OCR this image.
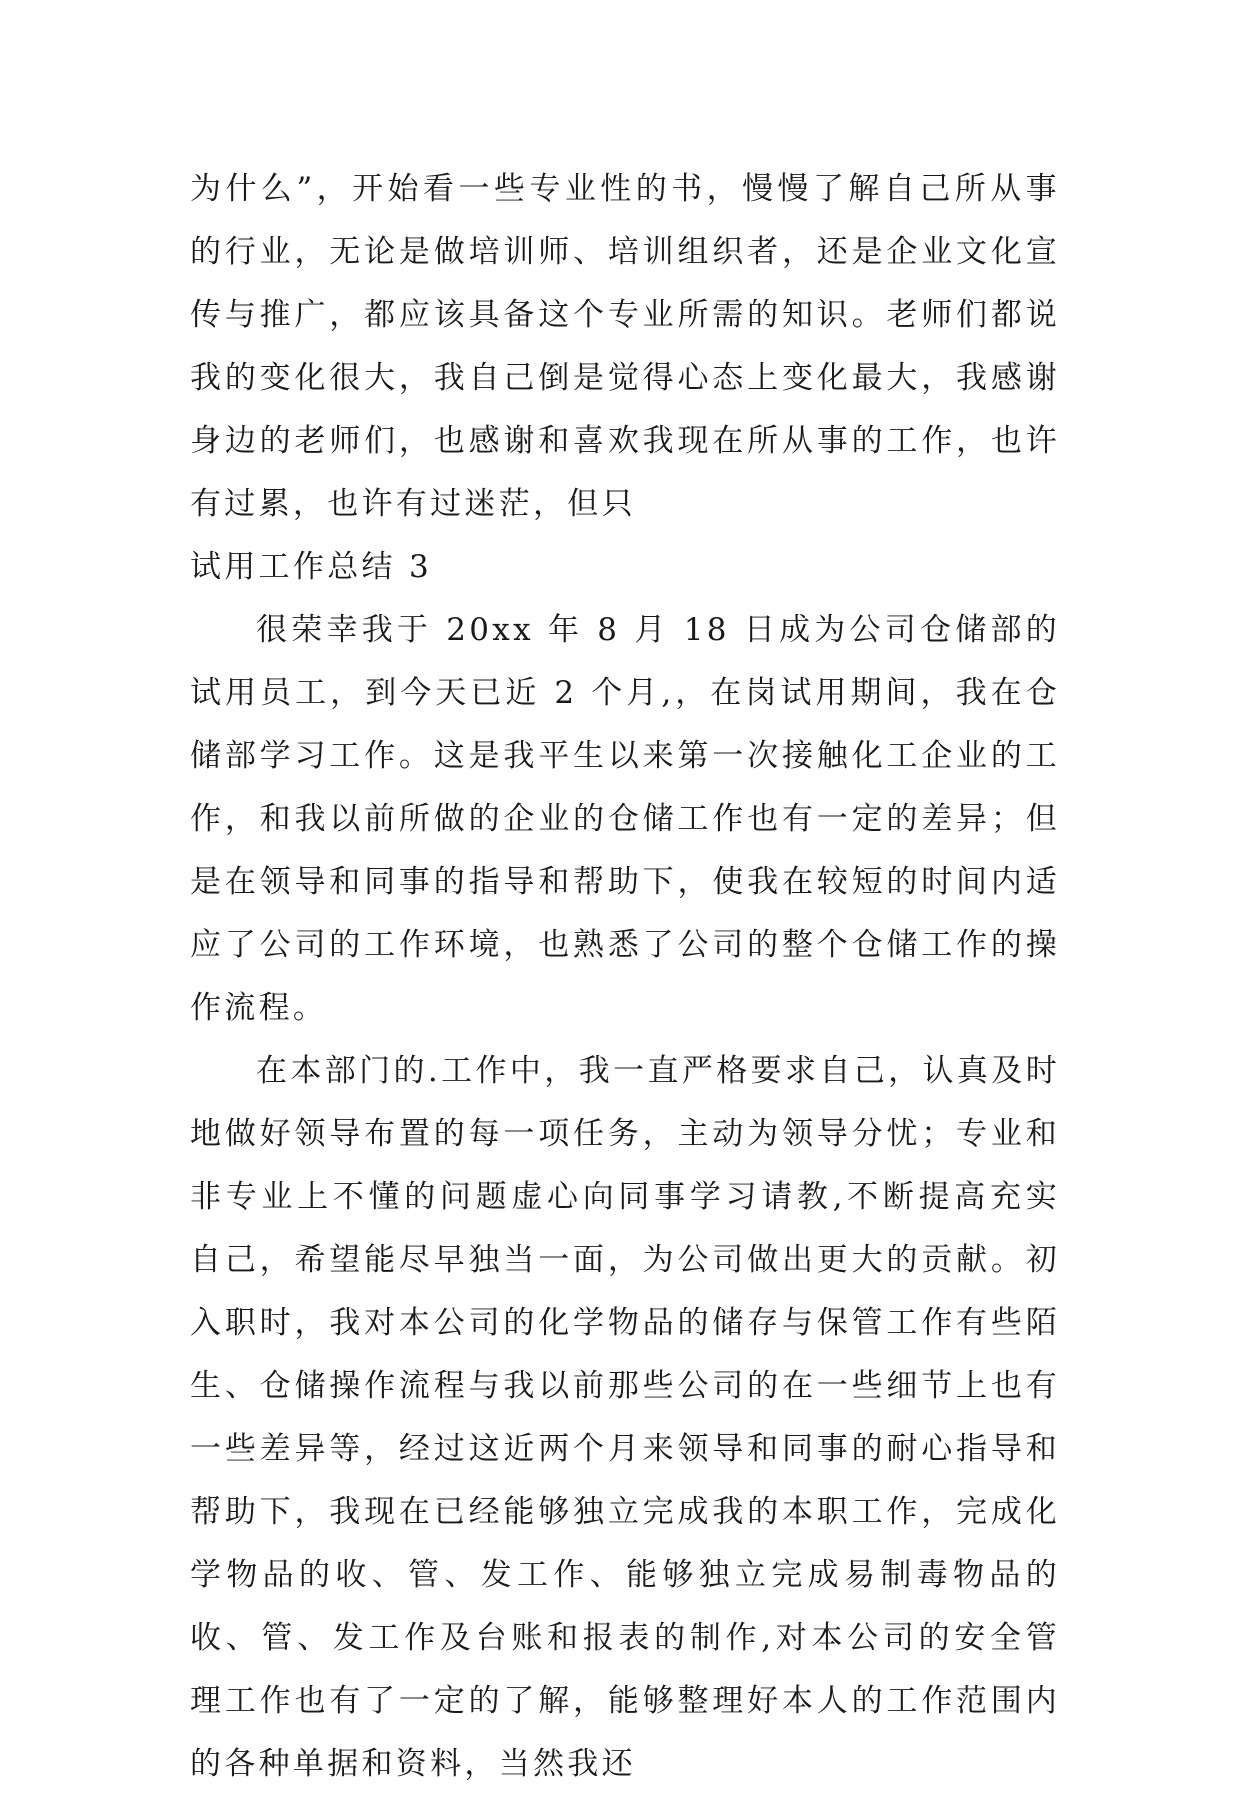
为什么”，开始看一些专业性的书，慢慢了解自己所从事的行业，无论是做培训师、培训组织者，还是企业文化宣传与推广，都应该具备这个专业所需的知识。老师们都说我的变化很大，我自己倒是觉得心态上变化最大，我感谢身边的老师们，也感谢和喜欢我现在所从事的工作，也许有过累，也许有过迷茫，但只

试用工作总结 3

很荣幸我于 20xx 年 8 月 18 日成为公司仓储部的试用员工，到今天已近 2 个月,，在岗试用期间，我在仓储部学习工作。这是我平生以来第一次接触化工企业的工作，和我以前所做的企业的仓储工作也有一定的差异；但是在领导和同事的指导和帮助下，使我在较短的时间内适应了公司的工作环境，也熟悉了公司的整个仓储工作的操作流程。

在本部门的.工作中，我一直严格要求自己，认真及时地做好领导布置的每一项任务，主动为领导分忧；专业和非专业上不懂的问题虚心向同事学习请教,不断提高充实自己，希望能尽早独当一面，为公司做出更大的贡献。初入职时，我对本公司的化学物品的储存与保管工作有些陌生、仓储操作流程与我以前那些公司的在一些细节上也有一些差异等，经过这近两个月来领导和同事的耐心指导和帮助下，我现在已经能够独立完成我的本职工作，完成化学物品的收、管、发工作、能够独立完成易制毒物品的收、管、发工作及台账和报表的制作,对本公司的安全管理工作也有了一定的了解，能够整理好本人的工作范围内的各种单据和资料，当然我还
